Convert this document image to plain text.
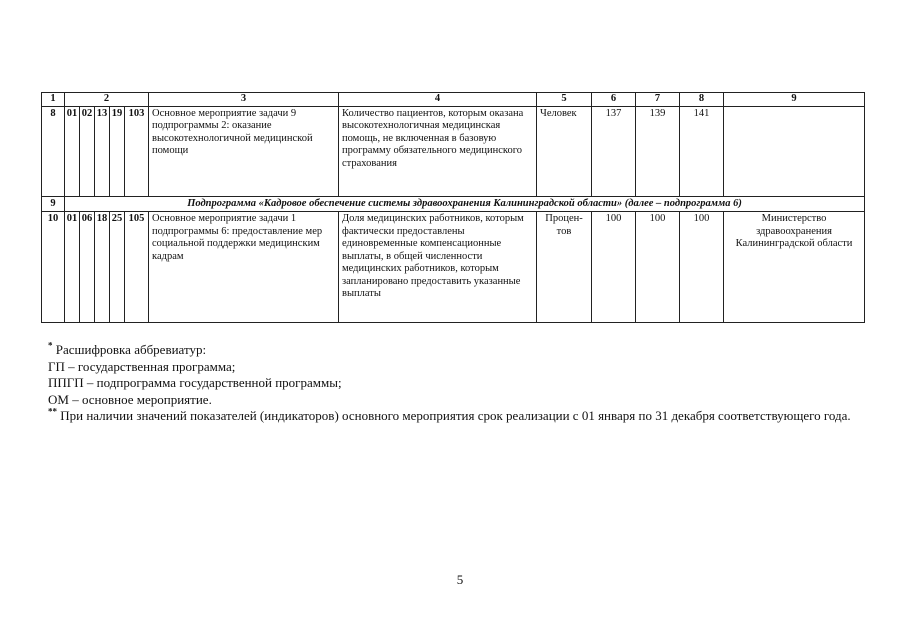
1	2					3	4	5	6	7	8	9
8	01	02	13	19	103	Основное мероприятие задачи 9 подпрограммы 2: оказание высокотехнологичной медицинской помощи	Количество пациентов, которым оказана высокотехнологичная медицинская помощь, не включенная в базовую программу обязательного медицинского страхования	Человек	137	139	141	
9	Подпрограмма «Кадровое обеспечение системы здравоохранения Калининградской области» (далее – подпрограмма 6)											
10	01	06	18	25	105	Основное мероприятие задачи 1 подпрограммы 6: предоставление мер социальной поддержки медицинским кадрам	Доля медицинских работников, которым фактически предоставлены единовременные компенсационные выплаты, в общей численности медицинских работников, которым запланировано предоставить указанные выплаты	Процен-тов	100	100	100	Министерство здравоохранения Калининградской области

* Расшифровка аббревиатур:

ГП – государственная программа;

ППГП – подпрограмма государственной программы;

ОМ – основное мероприятие.

** При наличии значений показателей (индикаторов) основного мероприятия срок реализации с 01 января по 31 декабря соответствующего года.

5
